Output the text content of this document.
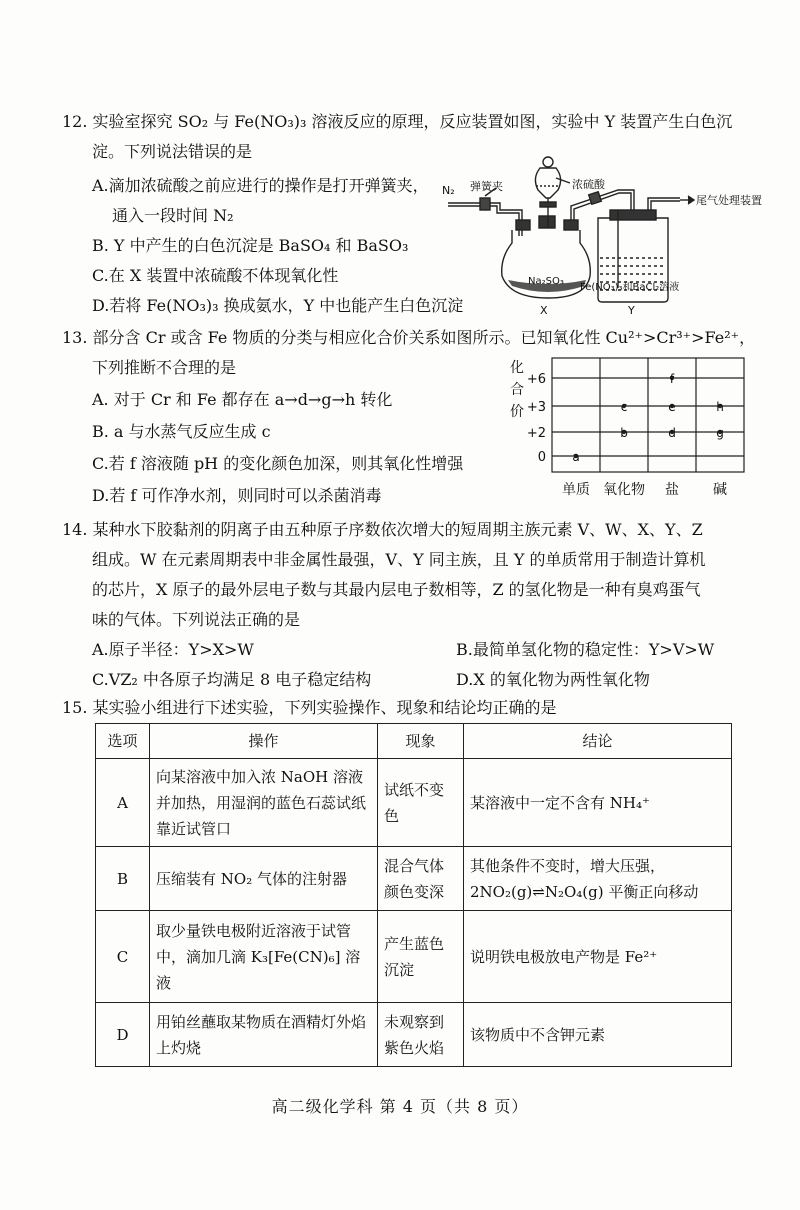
12. 实验室探究 SO₂ 与 Fe(NO₃)₃ 溶液反应的原理，反应装置如图，实验中 Y 装置产生白色沉
淀。下列说法错误的是
A.滴加浓硫酸之前应进行的操作是打开弹簧夹，
通入一段时间 N₂
B. Y 中产生的白色沉淀是 BaSO₄ 和 BaSO₃
C.在 X 装置中浓硫酸不体现氧化性
D.若将 Fe(NO₃)₃ 换成氨水，Y 中也能产生白色沉淀
N₂ 弹簧夹	浓硫酸
尾气处理装置
Na₂SO₃
Fe(NO₃)₃和BaCl₂溶液
X	Y
13. 部分含 Cr 或含 Fe 物质的分类与相应化合价关系如图所示。已知氧化性 Cu²⁺>Cr³⁺>Fe²⁺，
下列推断不合理的是
A. 对于 Cr 和 Fe 都存在 a→d→g→h 转化
B. a 与水蒸气反应生成 c
C.若 f 溶液随 pH 的变化颜色加深，则其氧化性增强
D.若 f 可作净水剂，则同时可以杀菌消毒
化
合
价
+6
+3
+2
0
单质 氧化物 盐 碱
a
b
c
d
e
f
g
h
14. 某种水下胶黏剂的阴离子由五种原子序数依次增大的短周期主族元素 V、W、X、Y、Z
组成。W 在元素周期表中非金属性最强，V、Y 同主族，且 Y 的单质常用于制造计算机
的芯片，X 原子的最外层电子数与其最内层电子数相等，Z 的氢化物是一种有臭鸡蛋气
味的气体。下列说法正确的是
A.原子半径：Y>X>W	B.最简单氢化物的稳定性：Y>V>W
C.VZ₂ 中各原子均满足 8 电子稳定结构	D.X 的氧化物为两性氧化物
15. 某实验小组进行下述实验，下列实验操作、现象和结论均正确的是
选项	操作	现象	结论
A	向某溶液中加入浓 NaOH 溶液并加热，用湿润的蓝色石蕊试纸靠近试管口	试纸不变色	某溶液中一定不含有 NH₄⁺
B	压缩装有 NO₂ 气体的注射器	混合气体颜色变深	其他条件不变时，增大压强，2NO₂(g)⇌N₂O₄(g) 平衡正向移动
C	取少量铁电极附近溶液于试管中，滴加几滴 K₃[Fe(CN)₆] 溶液	产生蓝色沉淀	说明铁电极放电产物是 Fe²⁺
D	用铂丝蘸取某物质在酒精灯外焰上灼烧	未观察到紫色火焰	该物质中不含钾元素
高二级化学科 第 4 页（共 8 页）
